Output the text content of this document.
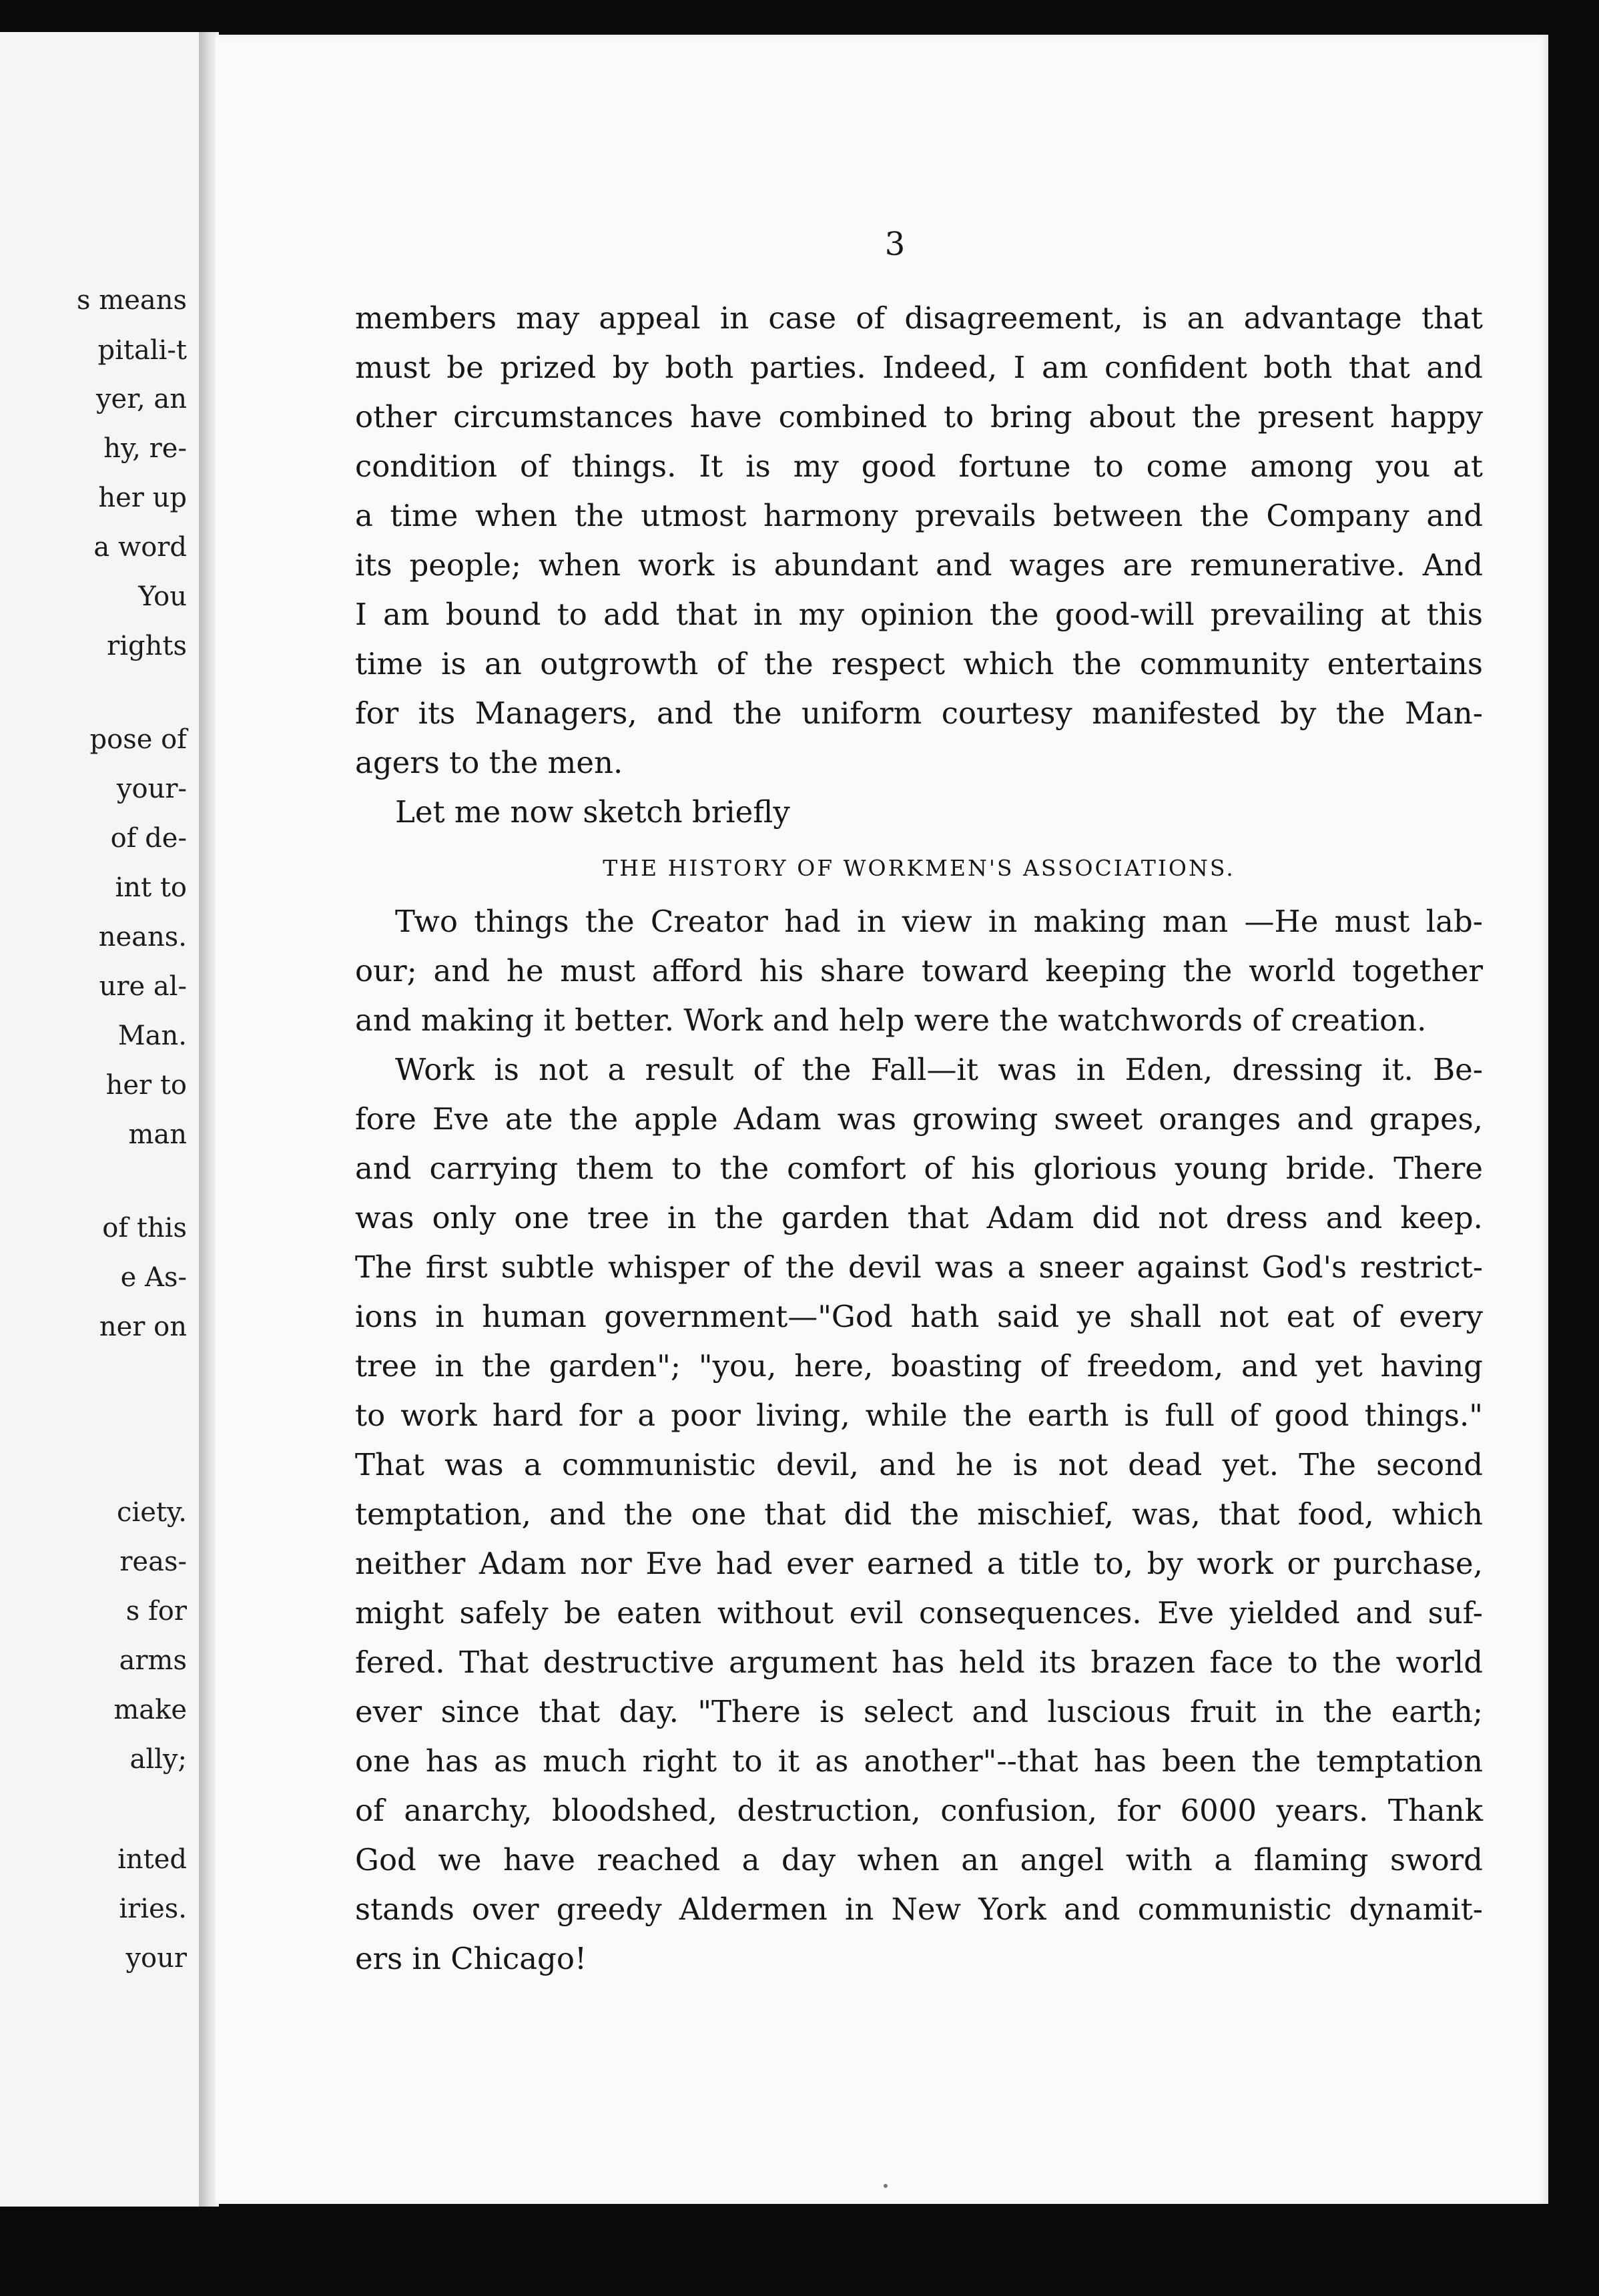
s means
pitali-t
yer, an
hy, re-
her up
a word
You
rights
pose of
your-
of de-
int to
neans.
ure al-
Man.
her to
man
of this
e As-
ner on
ciety.
reas-
s for
arms
make
ally;
inted
iries.
your
3
members may appeal in case of disagreement, is an advantage that
must be prized by both parties. Indeed, I am confident both that and
other circumstances have combined to bring about the present happy
condition of things. It is my good fortune to come among you at
a time when the utmost harmony prevails between the Company and
its people; when work is abundant and wages are remunerative. And
I am bound to add that in my opinion the good-will prevailing at this
time is an outgrowth of the respect which the community entertains
for its Managers, and the uniform courtesy manifested by the Man-
agers to the men.
Let me now sketch briefly
THE HISTORY OF WORKMEN'S ASSOCIATIONS.
Two things the Creator had in view in making man —He must lab-
our; and he must afford his share toward keeping the world together
and making it better. Work and help were the watchwords of creation.
Work is not a result of the Fall—it was in Eden, dressing it. Be-
fore Eve ate the apple Adam was growing sweet oranges and grapes,
and carrying them to the comfort of his glorious young bride. There
was only one tree in the garden that Adam did not dress and keep.
The first subtle whisper of the devil was a sneer against God's restrict-
ions in human government—"God hath said ye shall not eat of every
tree in the garden"; "you, here, boasting of freedom, and yet having
to work hard for a poor living, while the earth is full of good things."
That was a communistic devil, and he is not dead yet. The second
temptation, and the one that did the mischief, was, that food, which
neither Adam nor Eve had ever earned a title to, by work or purchase,
might safely be eaten without evil consequences. Eve yielded and suf-
fered. That destructive argument has held its brazen face to the world
ever since that day. "There is select and luscious fruit in the earth;
one has as much right to it as another"--that has been the temptation
of anarchy, bloodshed, destruction, confusion, for 6000 years. Thank
God we have reached a day when an angel with a flaming sword
stands over greedy Aldermen in New York and communistic dynamit-
ers in Chicago!
